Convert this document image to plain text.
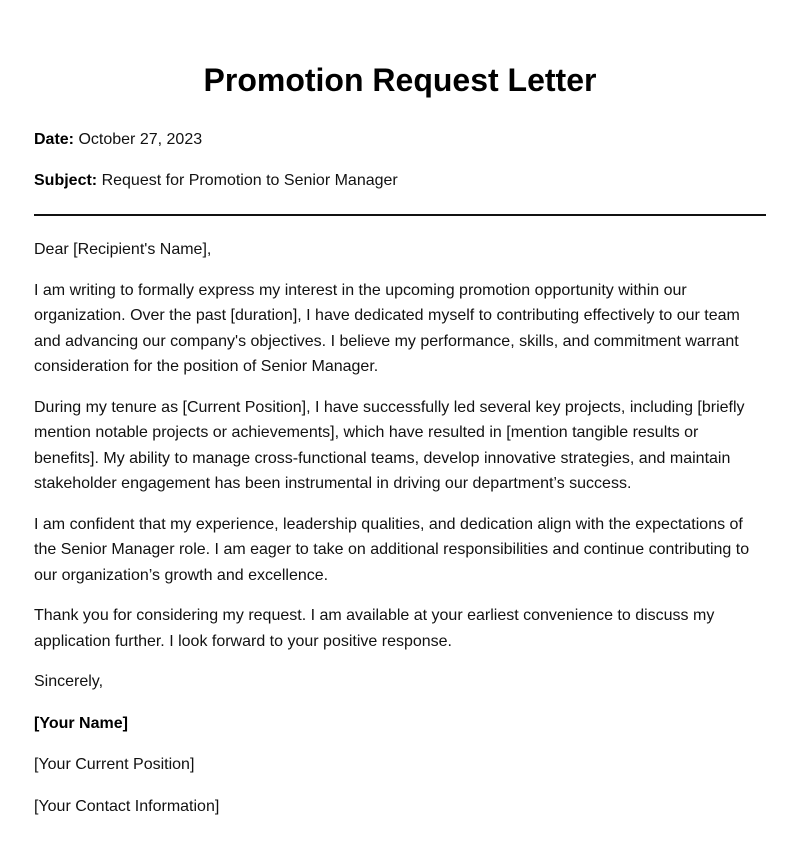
Promotion Request Letter

Date: October 27, 2023

Subject: Request for Promotion to Senior Manager

Dear [Recipient's Name],

I am writing to formally express my interest in the upcoming promotion opportunity within our organization. Over the past [duration], I have dedicated myself to contributing effectively to our team and advancing our company's objectives. I believe my performance, skills, and commitment warrant consideration for the position of Senior Manager.

During my tenure as [Current Position], I have successfully led several key projects, including [briefly mention notable projects or achievements], which have resulted in [mention tangible results or benefits]. My ability to manage cross-functional teams, develop innovative strategies, and maintain stakeholder engagement has been instrumental in driving our department’s success.

I am confident that my experience, leadership qualities, and dedication align with the expectations of the Senior Manager role. I am eager to take on additional responsibilities and continue contributing to our organization’s growth and excellence.

Thank you for considering my request. I am available at your earliest convenience to discuss my application further. I look forward to your positive response.

Sincerely,

[Your Name]

[Your Current Position]

[Your Contact Information]
